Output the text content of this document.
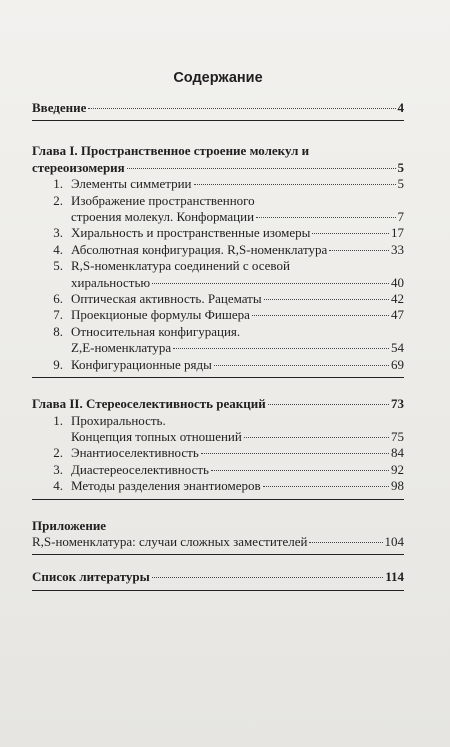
Содержание
Введение	4
Глава I. Пространственное строение молекул и
стереоизомерия	5
1. Элементы симметрии	5
2. Изображение пространственного
строения молекул. Конформации	7
3. Хиральность и пространственные изомеры	17
4. Абсолютная конфигурация. R,S-номенклатура	33
5. R,S-номенклатура соединений с осевой
хиральностью	40
6. Оптическая активность. Рацематы	42
7. Проекционые формулы Фишера	47
8. Относительная конфигурация.
Z,E-номенклатура	54
9. Конфигурационные ряды	69
Глава II. Стереоселективность реакций	73
1. Прохиральность.
Концепция топных отношений	75
2. Энантиоселективность	84
3. Диастереоселективность	92
4. Методы разделения энантиомеров	98
Приложение
R,S-номенклатура: случаи сложных заместителей	104
Список литературы	114
